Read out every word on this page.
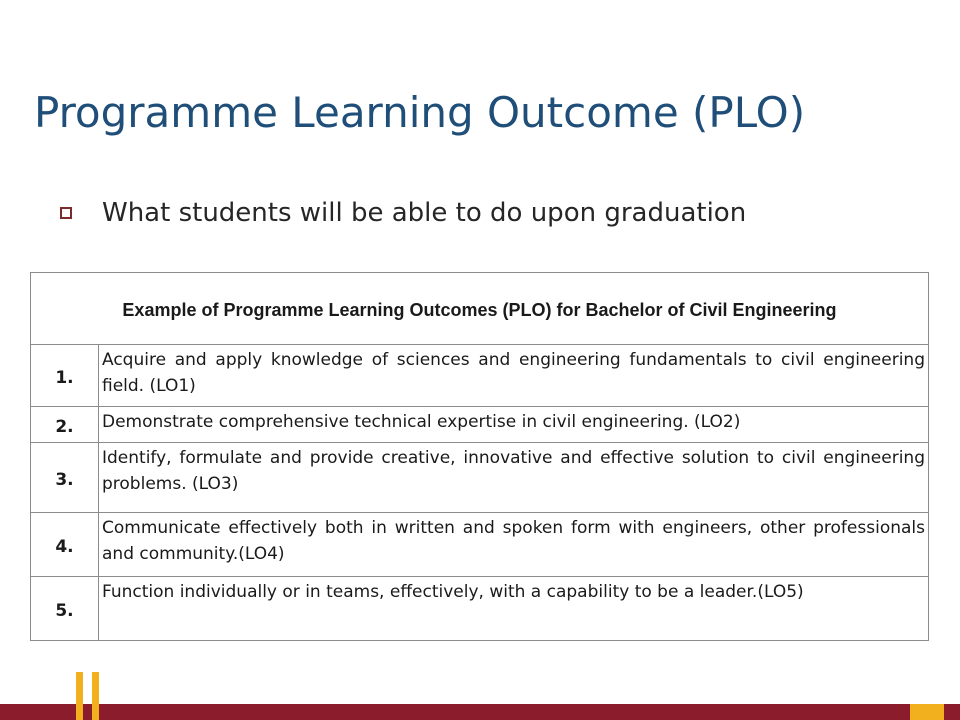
Programme Learning Outcome (PLO)
What students will be able to do upon graduation
Example of Programme Learning Outcomes (PLO) for Bachelor of Civil Engineering	
1.	Acquire and apply knowledge of sciences and engineering fundamentals to civil engineering field. (LO1)
2.	Demonstrate comprehensive technical expertise in civil engineering. (LO2)
3.	Identify, formulate and provide creative, innovative and effective solution to civil engineering problems. (LO3)
4.	Communicate effectively both in written and spoken form with engineers, other professionals and community.(LO4)
5.	Function individually or in teams, effectively, with a capability to be a leader.(LO5)
